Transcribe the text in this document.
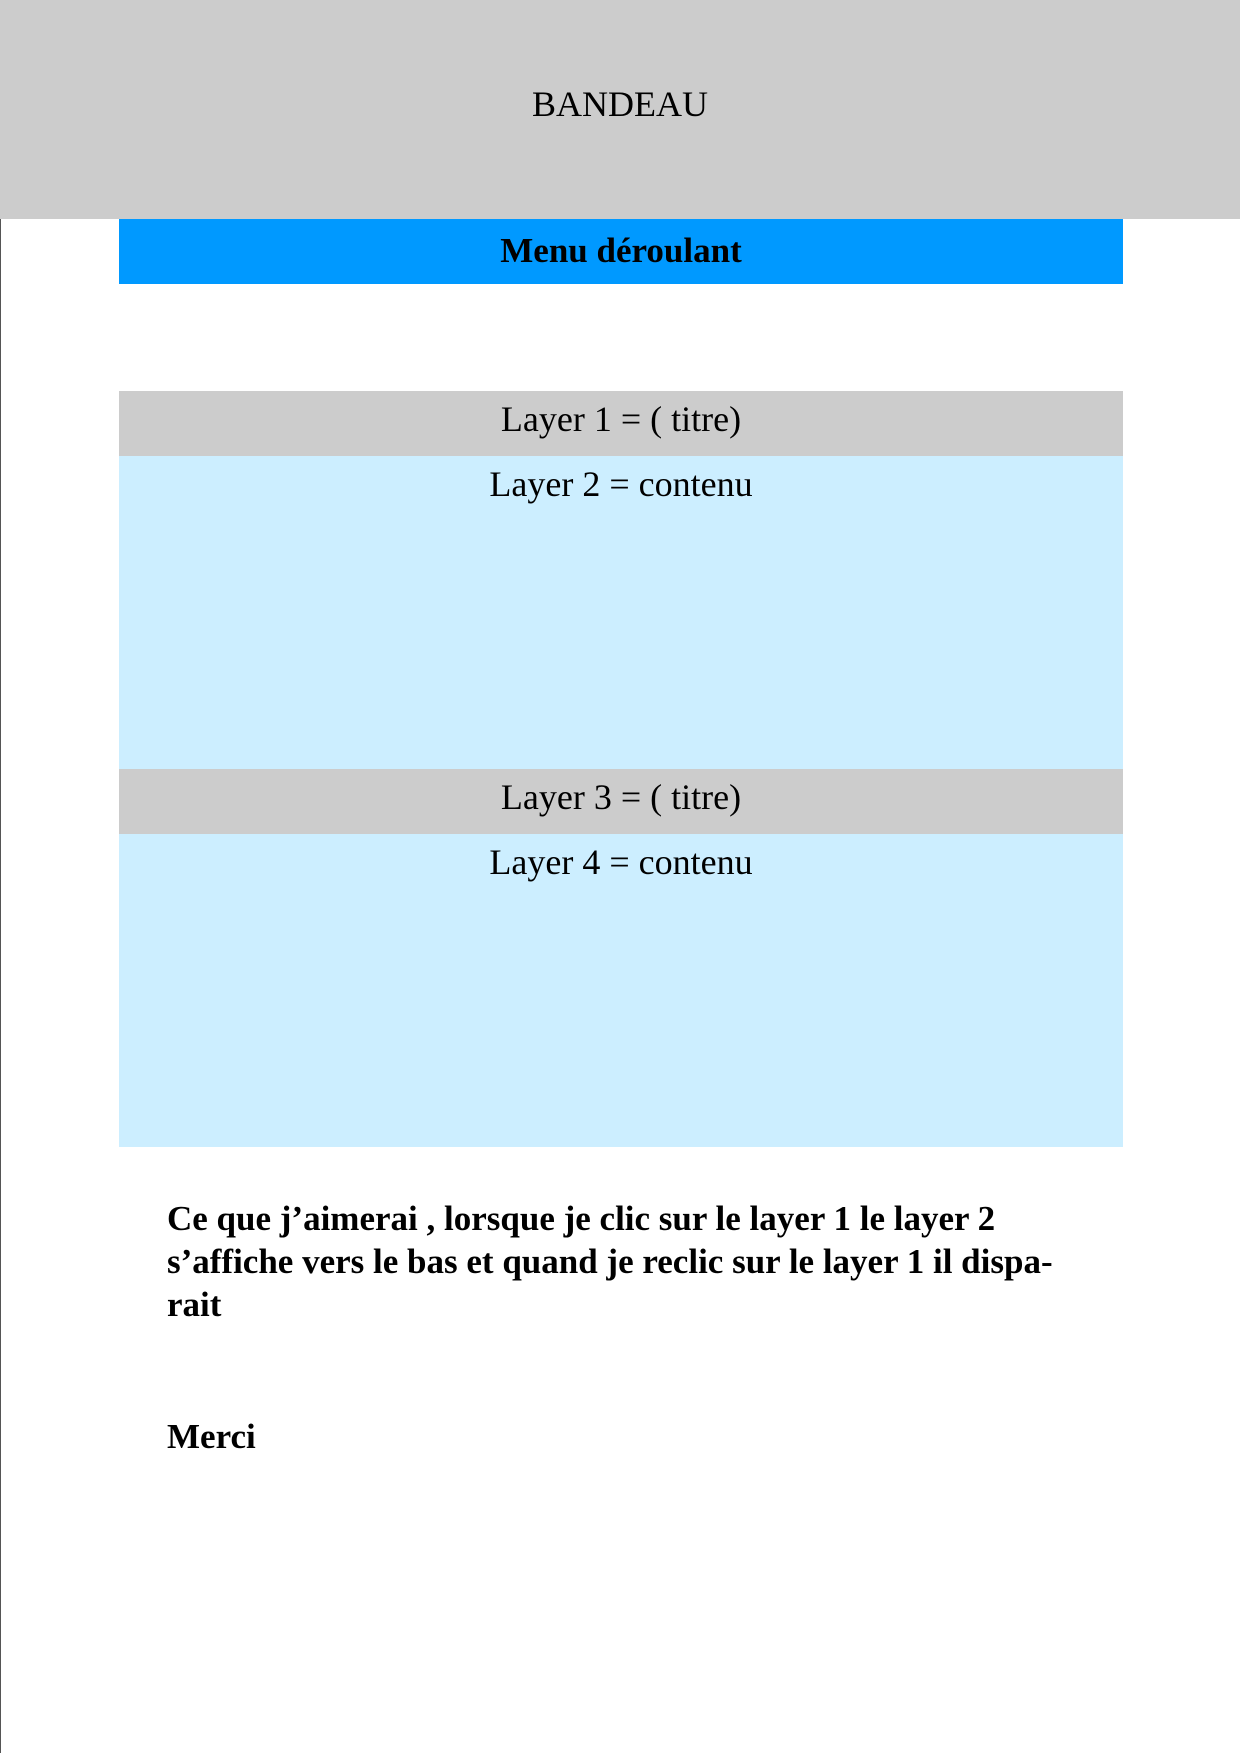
BANDEAU
Menu déroulant
Layer 1 = ( titre)
Layer 2 = contenu
Layer 3 = ( titre)
Layer 4 = contenu
Ce que j’aimerai , lorsque je clic sur le layer 1 le layer 2
s’affiche vers le bas et quand je reclic sur le layer 1 il dispa-
rait
Merci
